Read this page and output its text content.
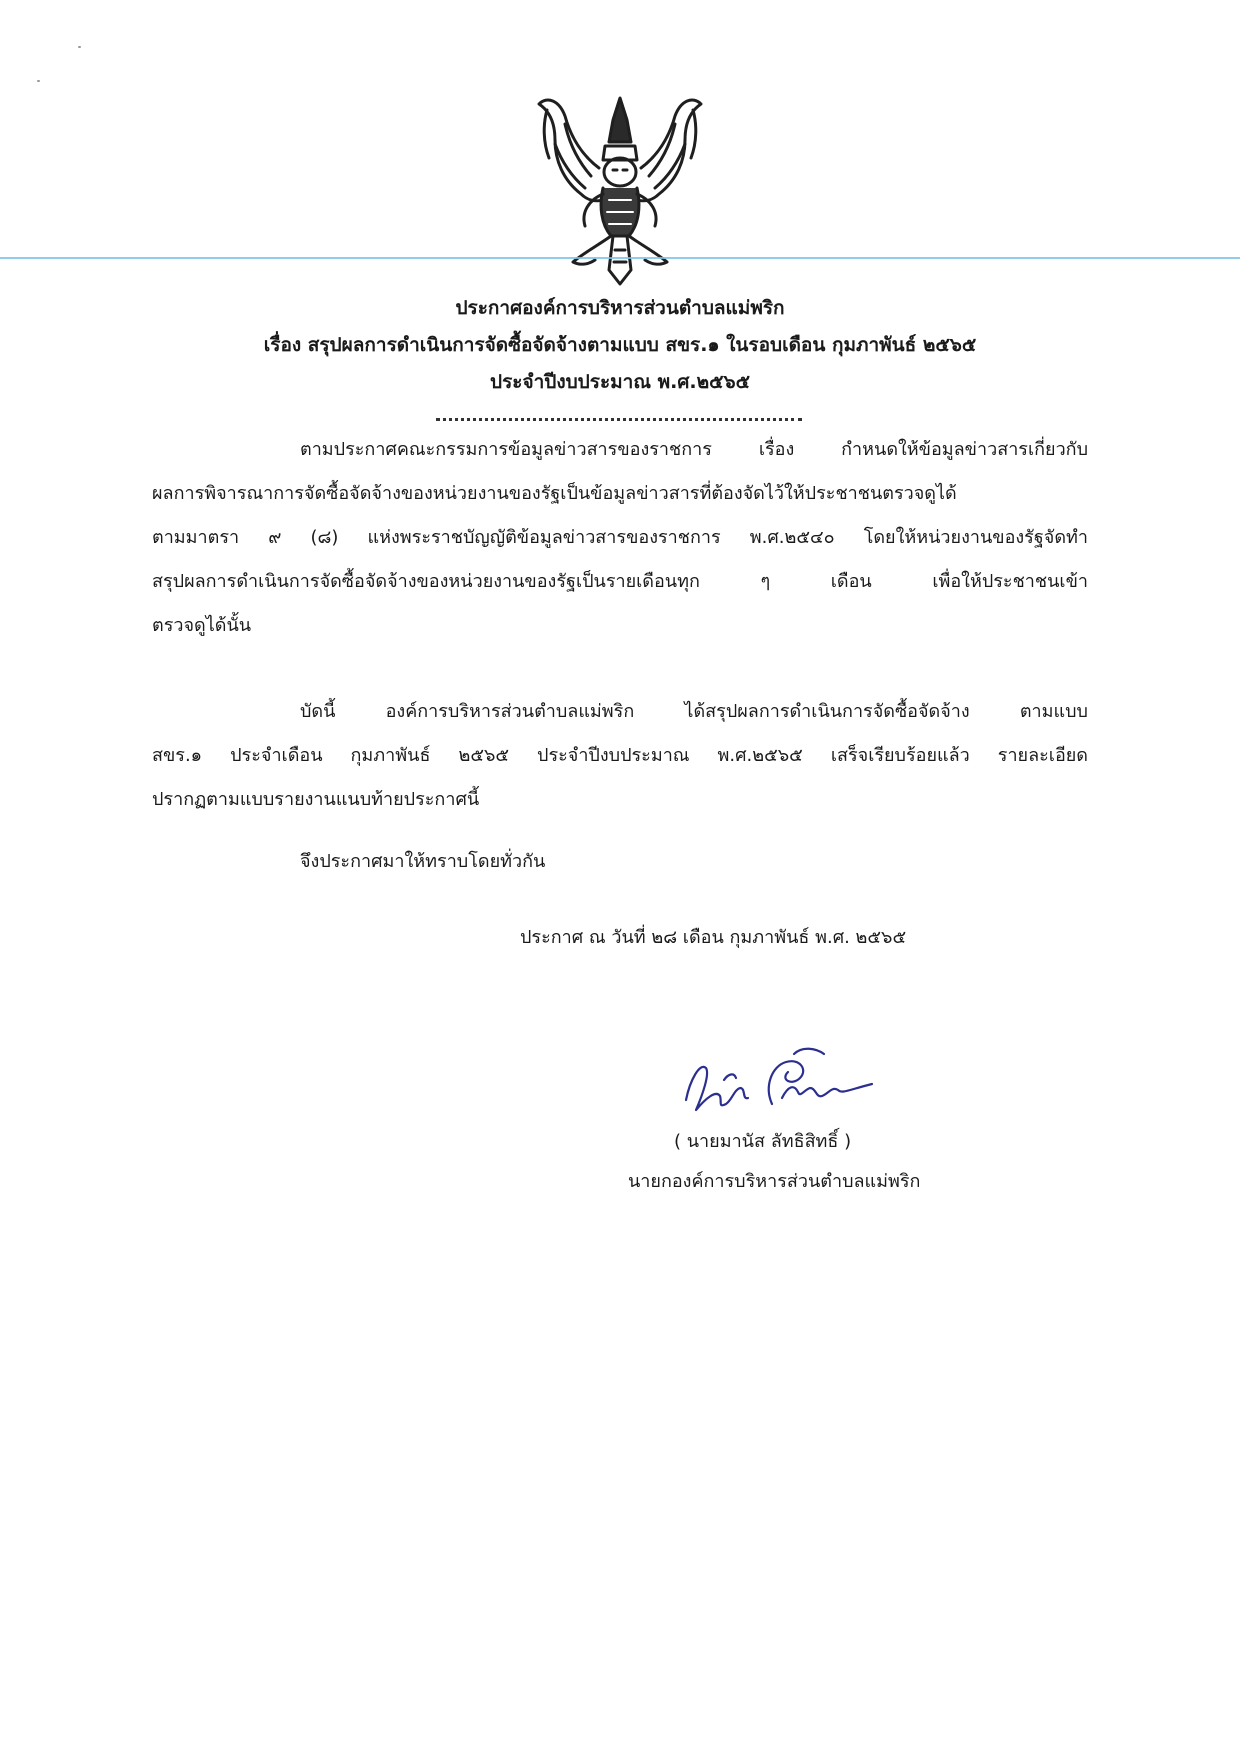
ประกาศองค์การบริหารส่วนตำบลแม่พริก
เรื่อง สรุปผลการดำเนินการจัดซื้อจัดจ้างตามแบบ สขร.๑ ในรอบเดือน กุมภาพันธ์ ๒๕๖๕
ประจำปีงบประมาณ พ.ศ.๒๕๖๕
ตามประกาศคณะกรรมการข้อมูลข่าวสารของราชการ เรื่อง กำหนดให้ข้อมูลข่าวสารเกี่ยวกับ
ผลการพิจารณาการจัดซื้อจัดจ้างของหน่วยงานของรัฐเป็นข้อมูลข่าวสารที่ต้องจัดไว้ให้ประชาชนตรวจดูได้
ตามมาตรา ๙ (๘) แห่งพระราชบัญญัติข้อมูลข่าวสารของราชการ พ.ศ.๒๕๔๐ โดยให้หน่วยงานของรัฐจัดทำ
สรุปผลการดำเนินการจัดซื้อจัดจ้างของหน่วยงานของรัฐเป็นรายเดือนทุก ๆ เดือน เพื่อให้ประชาชนเข้า
ตรวจดูได้นั้น
บัดนี้ องค์การบริหารส่วนตำบลแม่พริก ได้สรุปผลการดำเนินการจัดซื้อจัดจ้าง ตามแบบ
สขร.๑ ประจำเดือน กุมภาพันธ์ ๒๕๖๕ ประจำปีงบประมาณ พ.ศ.๒๕๖๕ เสร็จเรียบร้อยแล้ว รายละเอียด
ปรากฏตามแบบรายงานแนบท้ายประกาศนี้
จึงประกาศมาให้ทราบโดยทั่วกัน
ประกาศ ณ วันที่ ๒๘ เดือน กุมภาพันธ์ พ.ศ. ๒๕๖๕
( นายมานัส ลัทธิสิทธิ์ )
นายกองค์การบริหารส่วนตำบลแม่พริก
